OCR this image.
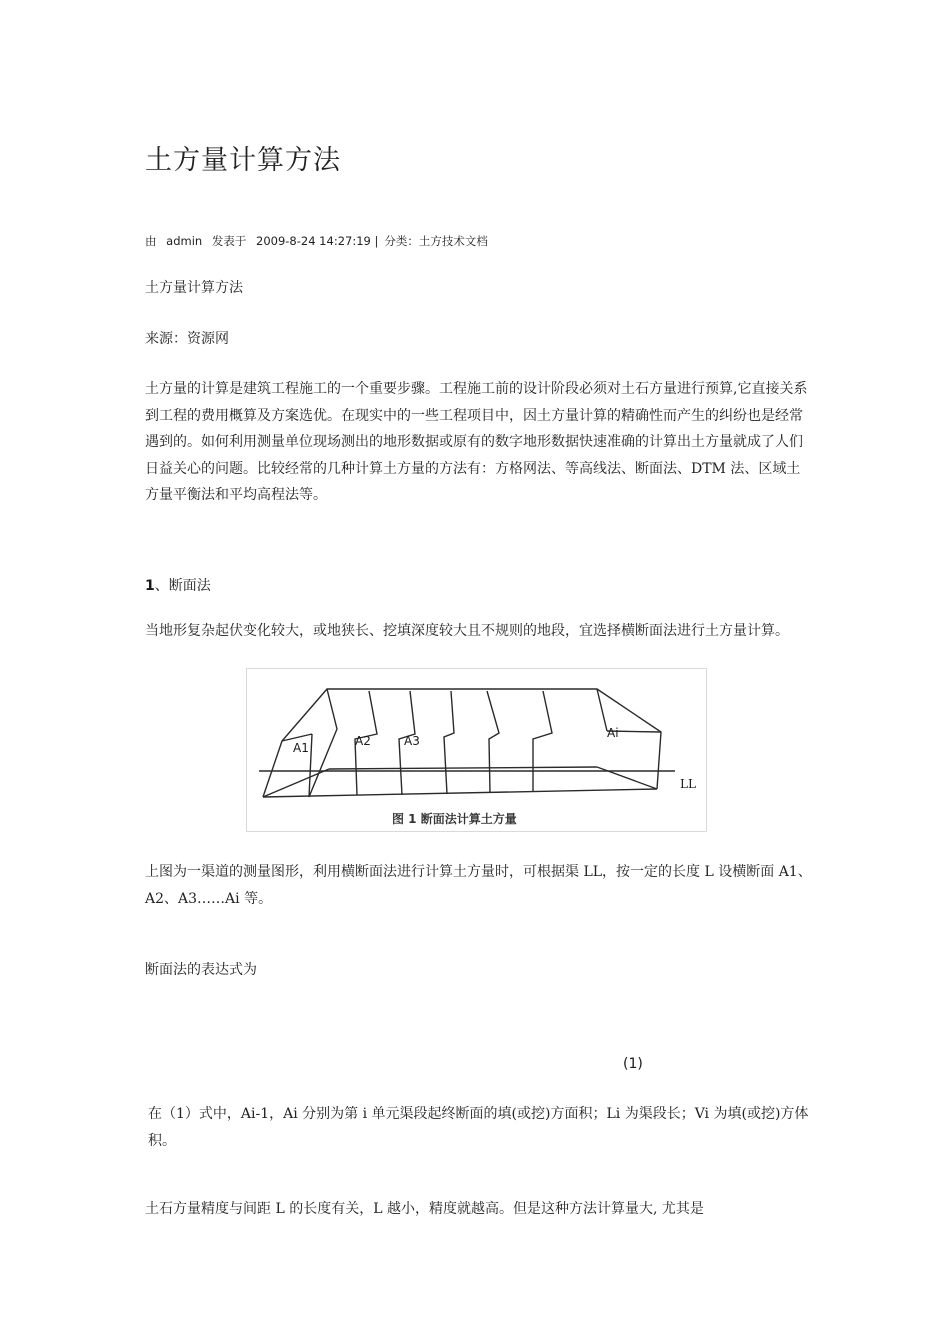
土方量计算方法
由 admin 发表于 2009-8-24 14:27:19 | 分类：土方技术文档
土方量计算方法
来源：资源网
土方量的计算是建筑工程施工的一个重要步骤。工程施工前的设计阶段必须对土石方量进行预算,它直接关系到工程的费用概算及方案选优。在现实中的一些工程项目中，因土方量计算的精确性而产生的纠纷也是经常遇到的。如何利用测量单位现场测出的地形数据或原有的数字地形数据快速准确的计算出土方量就成了人们日益关心的问题。比较经常的几种计算土方量的方法有：方格网法、等高线法、断面法、DTM 法、区域土方量平衡法和平均高程法等。
1、断面法
当地形复杂起伏变化较大，或地狭长、挖填深度较大且不规则的地段，宜选择横断面法进行土方量计算。
A1	A2	A3
Ai
LL
图 1 断面法计算土方量
上图为一渠道的测量图形，利用横断面法进行计算土方量时，可根据渠 LL，按一定的长度 L 设横断面 A1、A2、A3……Ai 等。
断面法的表达式为
(1)
在（1）式中，Ai-1，Ai 分别为第 i 单元渠段起终断面的填(或挖)方面积；Li 为渠段长；Vi 为填(或挖)方体积。
土石方量精度与间距 L 的长度有关，L 越小，精度就越高。但是这种方法计算量大, 尤其是
